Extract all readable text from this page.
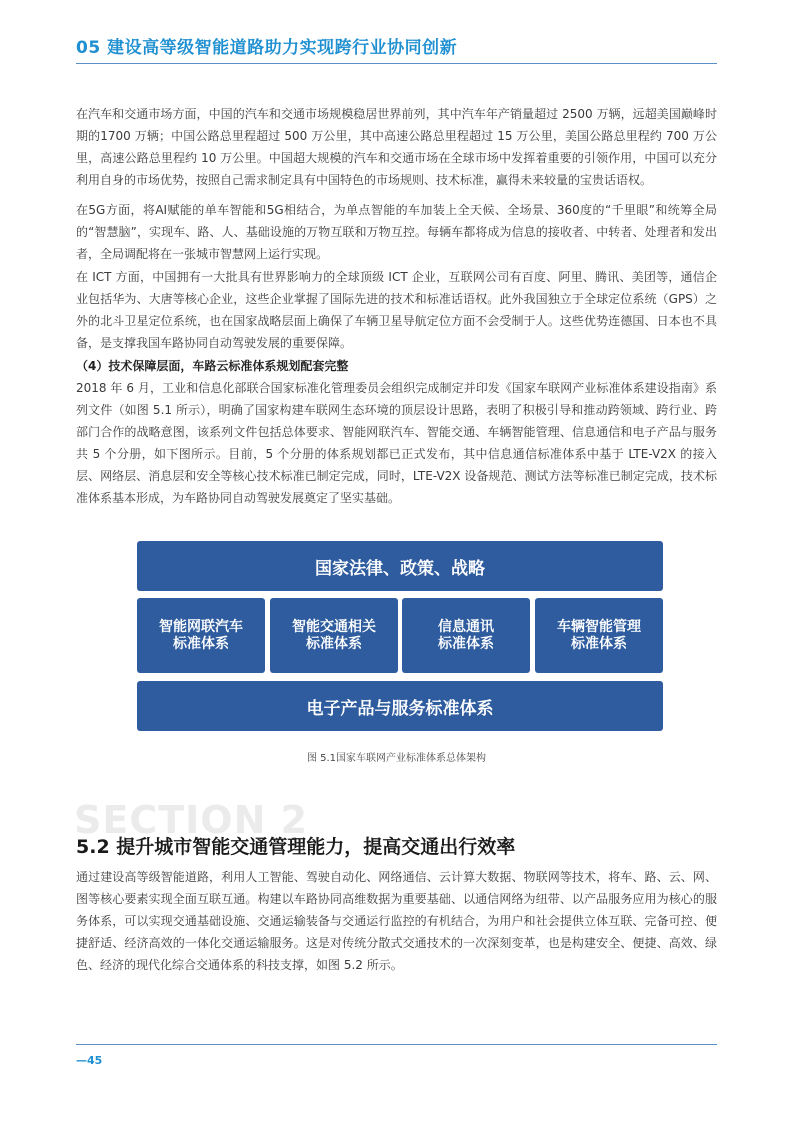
05 建设高等级智能道路助力实现跨行业协同创新

在汽车和交通市场方面，中国的汽车和交通市场规模稳居世界前列，其中汽车年产销量超过 2500 万辆，远超美国巅峰时期的1700 万辆；中国公路总里程超过 500 万公里，其中高速公路总里程超过 15 万公里，美国公路总里程约 700 万公里，高速公路总里程约 10 万公里。中国超大规模的汽车和交通市场在全球市场中发挥着重要的引领作用，中国可以充分利用自身的市场优势，按照自己需求制定具有中国特色的市场规则、技术标准，赢得未来较量的宝贵话语权。

在5G方面，将AI赋能的单车智能和5G相结合，为单点智能的车加装上全天候、全场景、360度的“千里眼”和统筹全局的“智慧脑”，实现车、路、人、基础设施的万物互联和万物互控。每辆车都将成为信息的接收者、中转者、处理者和发出者，全局调配将在一张城市智慧网上运行实现。

在 ICT 方面，中国拥有一大批具有世界影响力的全球顶级 ICT 企业，互联网公司有百度、阿里、腾讯、美团等，通信企业包括华为、大唐等核心企业，这些企业掌握了国际先进的技术和标准话语权。此外我国独立于全球定位系统（GPS）之外的北斗卫星定位系统，也在国家战略层面上确保了车辆卫星导航定位方面不会受制于人。这些优势连德国、日本也不具备，是支撑我国车路协同自动驾驶发展的重要保障。

（4）技术保障层面，车路云标准体系规划配套完整

2018 年 6 月，工业和信息化部联合国家标准化管理委员会组织完成制定并印发《国家车联网产业标准体系建设指南》系列文件（如图 5.1 所示），明确了国家构建车联网生态环境的顶层设计思路，表明了积极引导和推动跨领域、跨行业、跨部门合作的战略意图，该系列文件包括总体要求、智能网联汽车、智能交通、车辆智能管理、信息通信和电子产品与服务共 5 个分册，如下图所示。目前，5 个分册的体系规划都已正式发布，其中信息通信标准体系中基于 LTE-V2X 的接入层、网络层、消息层和安全等核心技术标准已制定完成，同时，LTE-V2X 设备规范、测试方法等标准已制定完成，技术标准体系基本形成，为车路协同自动驾驶发展奠定了坚实基础。

国家法律、政策、战略
智能网联汽车
标准体系
智能交通相关
标准体系
信息通讯
标准体系
车辆智能管理
标准体系
电子产品与服务标准体系

图 5.1国家车联网产业标准体系总体架构

SECTION 2
5.2 提升城市智能交通管理能力，提高交通出行效率

通过建设高等级智能道路，利用人工智能、驾驶自动化、网络通信、云计算大数据、物联网等技术，将车、路、云、网、图等核心要素实现全面互联互通。构建以车路协同高维数据为重要基础、以通信网络为纽带、以产品服务应用为核心的服务体系，可以实现交通基础设施、交通运输装备与交通运行监控的有机结合，为用户和社会提供立体互联、完备可控、便捷舒适、经济高效的一体化交通运输服务。这是对传统分散式交通技术的一次深刻变革，也是构建安全、便捷、高效、绿色、经济的现代化综合交通体系的科技支撑，如图 5.2 所示。

—45
